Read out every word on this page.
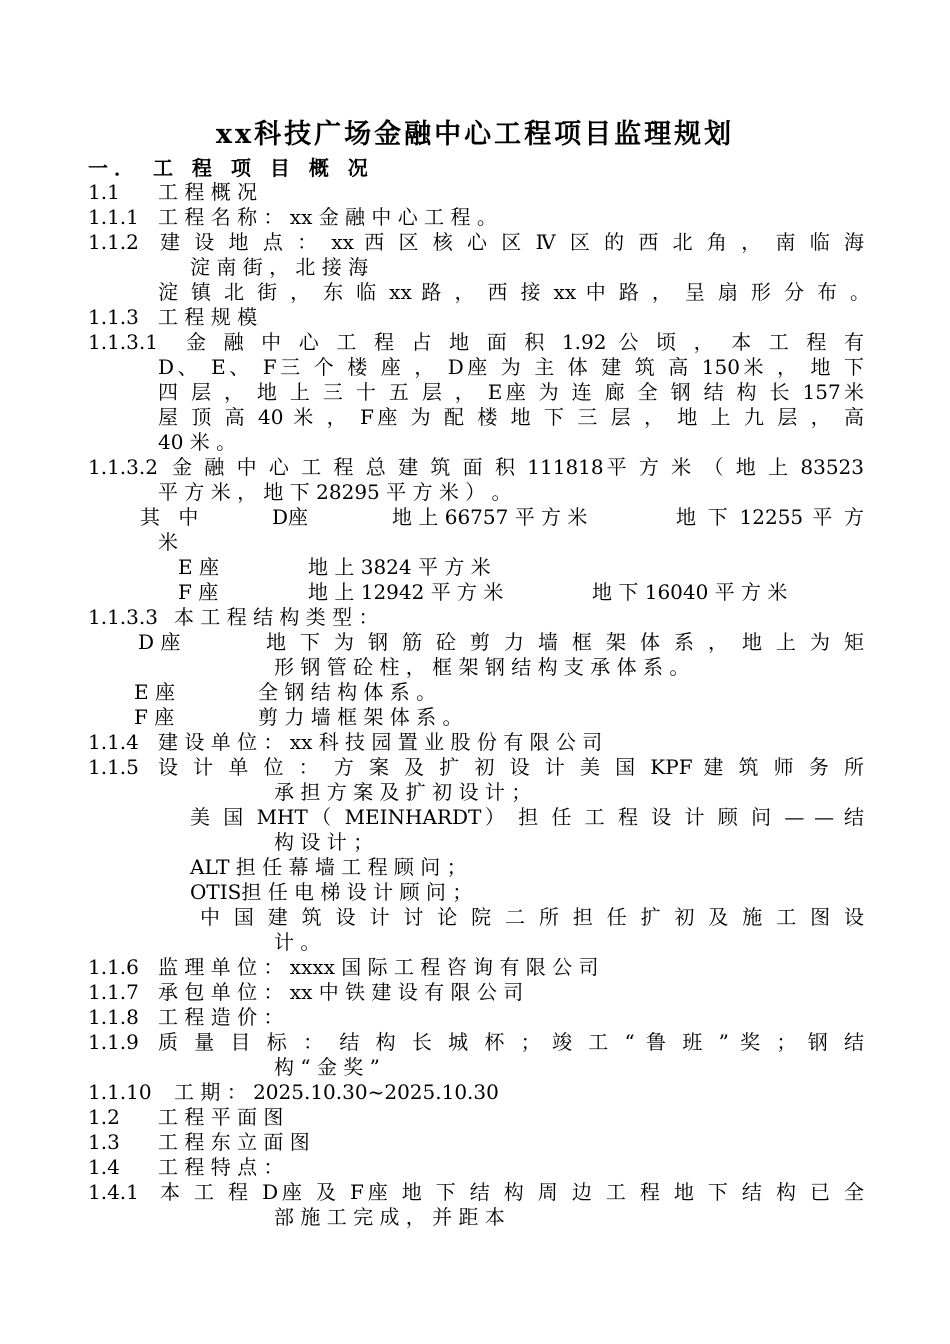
xx科技广场金融中心工程项目监理规划
一． 工 程 项 目 概 况
1.1 工 程 概 况
1.1.1 工 程 名 称 ： xx 金 融 中 心 工 程 。
1.1.2 建 设 地 点 ： xx 西 区 核 心 区 Ⅳ 区 的 西 北 角 ， 南 临 海
淀 南 街 ， 北 接 海
淀 镇 北 街 ， 东 临 xx 路 ， 西 接 xx 中 路 ， 呈 扇 形 分 布 。
1.1.3 工 程 规 模
1.1.3.1 金 融 中 心 工 程 占 地 面 积 1.92 公 顷 ， 本 工 程 有
D、 E、 F三 个 楼 座 ， D座 为 主 体 建 筑 高 150米 ， 地 下
四 层 ， 地 上 三 十 五 层 ， E座 为 连 廊 全 钢 结 构 长 157米
屋 顶 高 40 米 ， F座 为 配 楼 地 下 三 层 ， 地 上 九 层 ， 高
40 米 。
1.1.3.2 金 融 中 心 工 程 总 建 筑 面 积 111818平 方 米 （ 地 上 83523
平 方 米 ， 地 下 28295 平 方 米 ） 。
其 中	D座	地 上 66757 平 方 米	地 下 12255 平 方
米
E 座	地 上 3824 平 方 米
F 座	地 上 12942 平 方 米	地 下 16040 平 方 米
1.1.3.3 本 工 程 结 构 类 型 ：
D 座	地 下 为 钢 筋 砼 剪 力 墙 框 架 体 系 ， 地 上 为 矩
形 钢 管 砼 柱 ， 框 架 钢 结 构 支 承 体 系 。
E 座	全 钢 结 构 体 系 。
F 座	剪 力 墙 框 架 体 系 。
1.1.4 建 设 单 位 ： xx 科 技 园 置 业 股 份 有 限 公 司
1.1.5 设 计 单 位 ： 方 案 及 扩 初 设 计 美 国 KPF 建 筑 师 务 所
承 担 方 案 及 扩 初 设 计 ；
美 国 MHT（ MEINHARDT） 担 任 工 程 设 计 顾 问 — — 结
构 设 计 ；
ALT 担 任 幕 墙 工 程 顾 问 ；
OTIS担 任 电 梯 设 计 顾 问 ；
中 国 建 筑 设 计 讨 论 院 二 所 担 任 扩 初 及 施 工 图 设
计 。
1.1.6 监 理 单 位 ： xxxx 国 际 工 程 咨 询 有 限 公 司
1.1.7 承 包 单 位 ： xx 中 铁 建 设 有 限 公 司
1.1.8 工 程 造 价 ：
1.1.9 质 量 目 标 ： 结 构 长 城 杯 ； 竣 工 “ 鲁 班 ” 奖 ； 钢 结
构 “ 金 奖 ”
1.1.10 工 期 ： 2025.10.30~2025.10.30
1.2 工 程 平 面 图
1.3 工 程 东 立 面 图
1.4 工 程 特 点 ：
1.4.1 本 工 程 D座 及 F座 地 下 结 构 周 边 工 程 地 下 结 构 已 全
部 施 工 完 成 ， 并 距 本
